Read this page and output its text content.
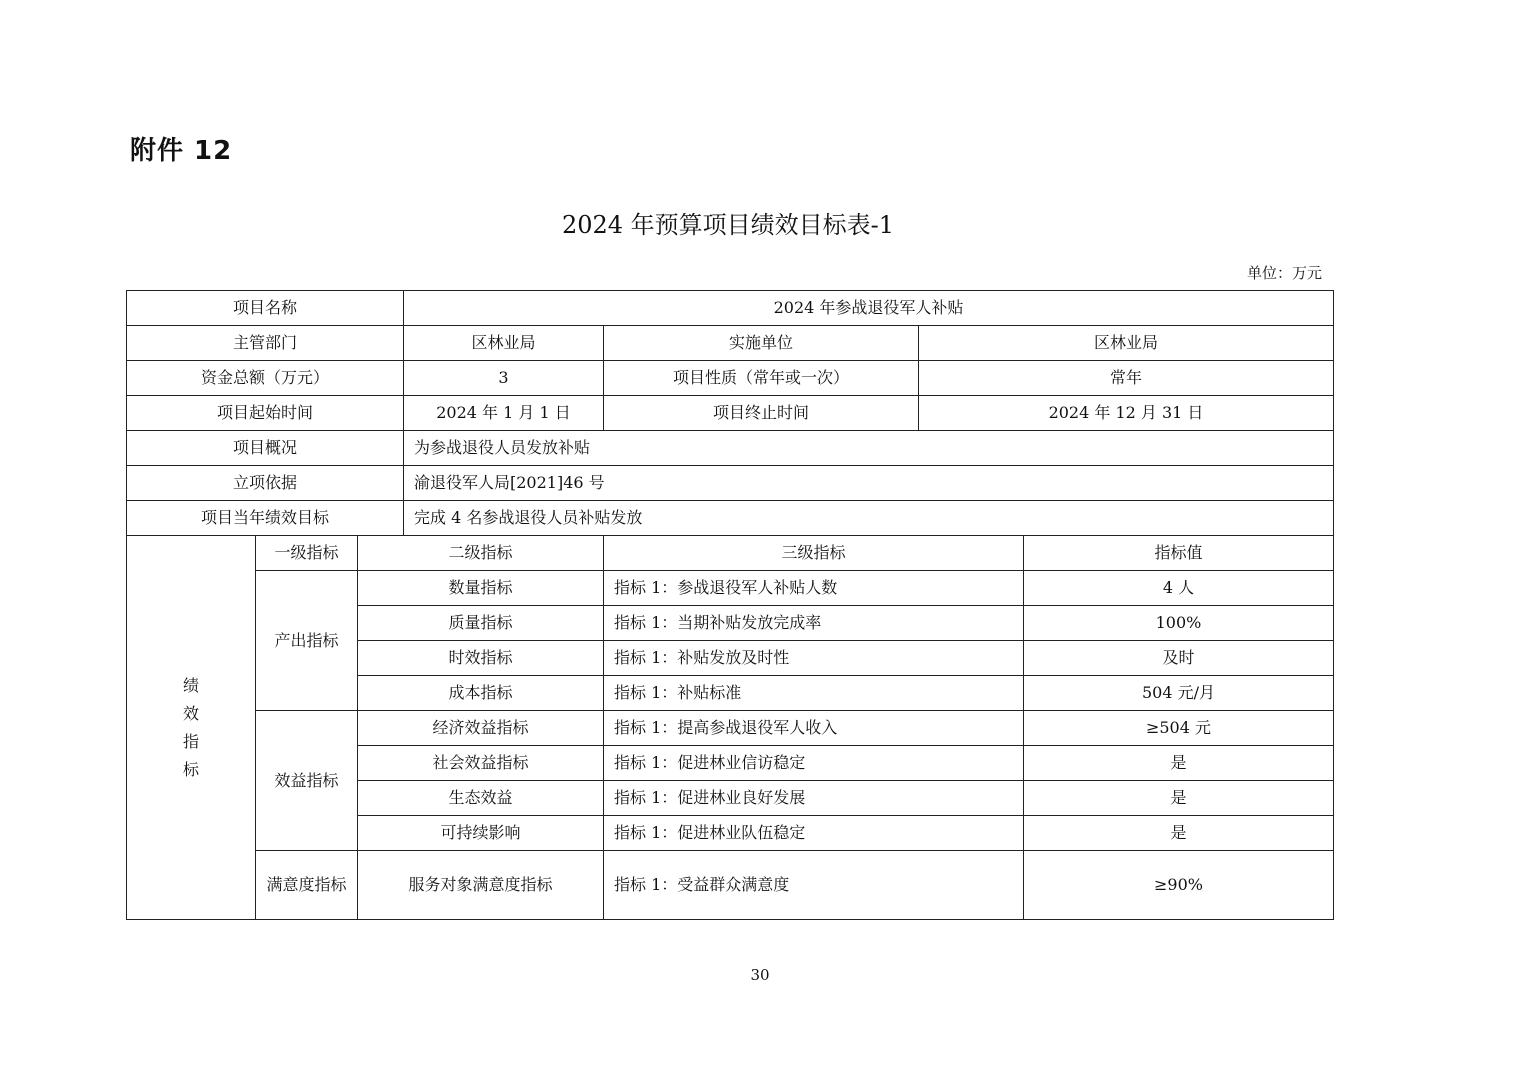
附件 12
2024 年预算项目绩效目标表-1
单位：万元
项目名称			2024 年参战退役军人补贴			
主管部门			区林业局	实施单位	区林业局	
资金总额（万元）			3	项目性质（常年或一次）	常年	
项目起始时间			2024 年 1 月 1 日	项目终止时间	2024 年 12 月 31 日	
项目概况			为参战退役人员发放补贴			
立项依据			渝退役军人局[2021]46 号			
项目当年绩效目标			完成 4 名参战退役人员补贴发放			
绩效指标	一级指标	二级指标		三级指标		指标值
	产出指标	数量指标		指标 1：参战退役军人补贴人数		4 人
		质量指标		指标 1：当期补贴发放完成率		100%
		时效指标		指标 1：补贴发放及时性		及时
		成本指标		指标 1：补贴标准		504 元/月
	效益指标	经济效益指标		指标 1：提高参战退役军人收入		≥504 元
		社会效益指标		指标 1：促进林业信访稳定		是
		生态效益		指标 1：促进林业良好发展		是
		可持续影响		指标 1：促进林业队伍稳定		是
	满意度指标	服务对象满意度指标		指标 1：受益群众满意度		≥90%
30
